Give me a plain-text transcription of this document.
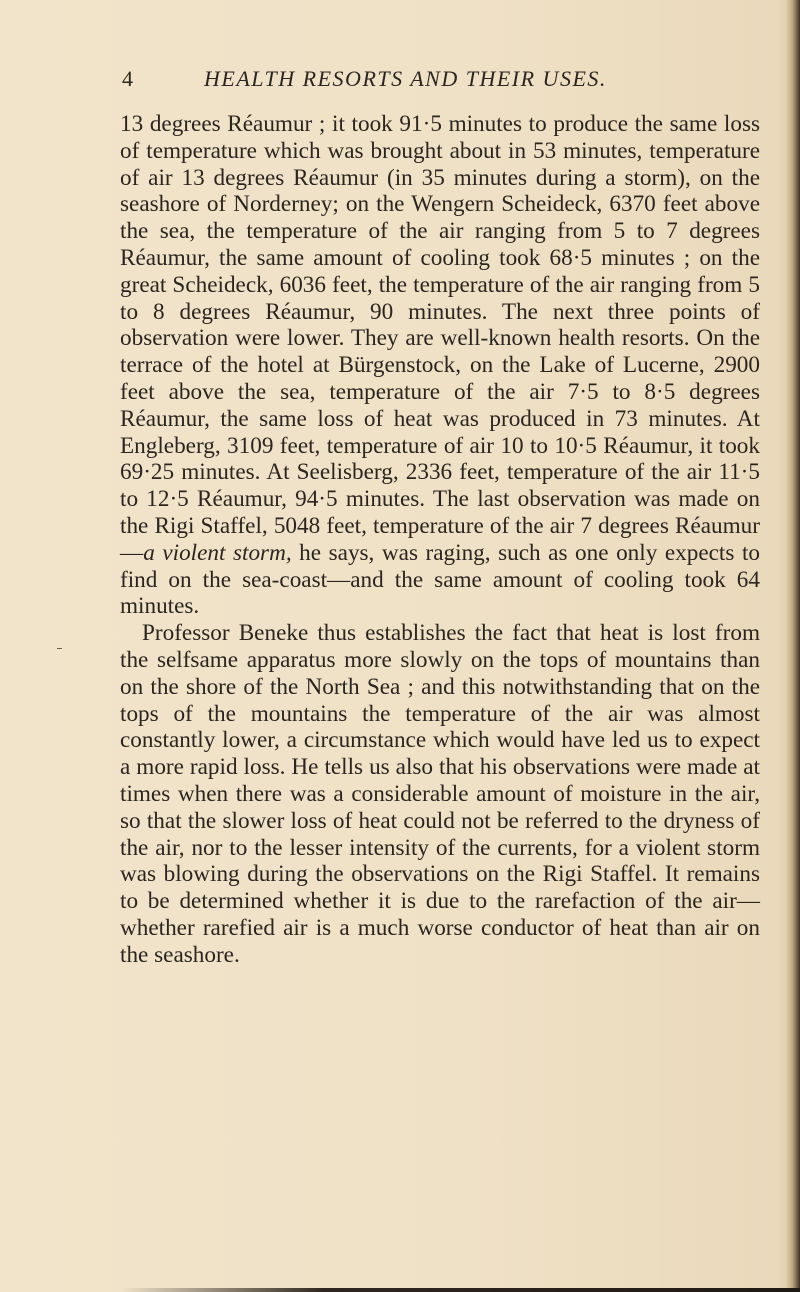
4	HEALTH RESORTS AND THEIR USES.

13 degrees Réaumur ; it took 91·5 minutes to produce the same loss of temperature which was brought about in 53 minutes, temperature of air 13 degrees Réaumur (in 35 minutes during a storm), on the seashore of Norderney; on the Wengern Scheideck, 6370 feet above the sea, the temperature of the air ranging from 5 to 7 degrees Réaumur, the same amount of cooling took 68·5 minutes ; on the great Scheideck, 6036 feet, the temperature of the air ranging from 5 to 8 degrees Réaumur, 90 minutes. The next three points of observation were lower. They are well-known health resorts. On the terrace of the hotel at Bürgenstock, on the Lake of Lucerne, 2900 feet above the sea, temperature of the air 7·5 to 8·5 degrees Réaumur, the same loss of heat was produced in 73 minutes. At Engleberg, 3109 feet, temperature of air 10 to 10·5 Réaumur, it took 69·25 minutes. At Seelisberg, 2336 feet, temperature of the air 11·5 to 12·5 Réaumur, 94·5 minutes. The last observation was made on the Rigi Staffel, 5048 feet, temperature of the air 7 degrees Réaumur—a violent storm, he says, was raging, such as one only expects to find on the sea-coast—and the same amount of cooling took 64 minutes.

Professor Beneke thus establishes the fact that heat is lost from the selfsame apparatus more slowly on the tops of mountains than on the shore of the North Sea ; and this notwithstanding that on the tops of the mountains the temperature of the air was almost constantly lower, a circumstance which would have led us to expect a more rapid loss. He tells us also that his observations were made at times when there was a considerable amount of moisture in the air, so that the slower loss of heat could not be referred to the dryness of the air, nor to the lesser intensity of the currents, for a violent storm was blowing during the observations on the Rigi Staffel. It remains to be determined whether it is due to the rarefaction of the air—whether rarefied air is a much worse conductor of heat than air on the seashore.
